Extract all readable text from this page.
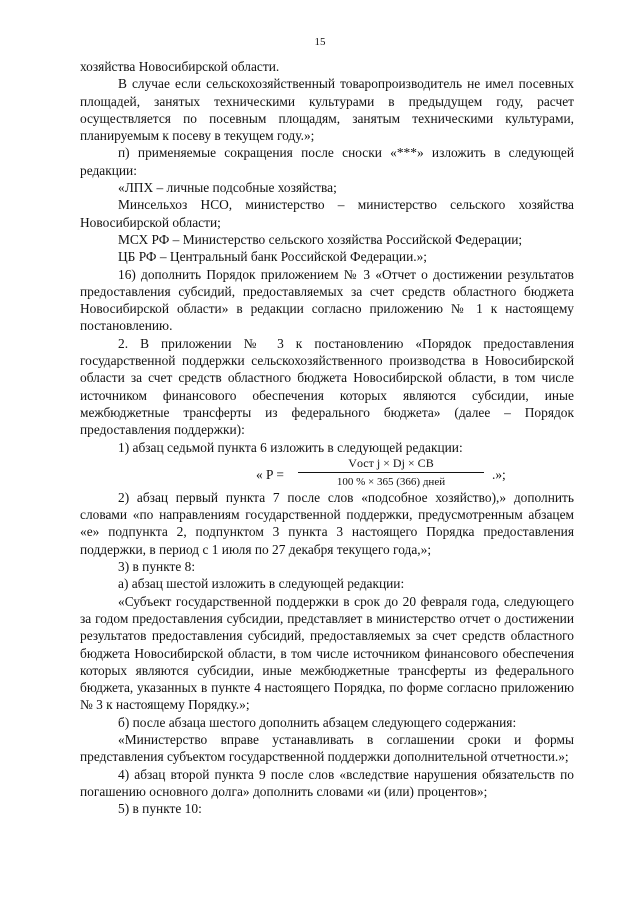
15

хозяйства Новосибирской области.

В случае если сельскохозяйственный товаропроизводитель не имел посевных площадей, занятых техническими культурами в предыдущем году, расчет осуществляется по посевным площадям, занятым техническими культурами, планируемым к посеву в текущем году.»;

п) применяемые сокращения после сноски «***» изложить в следующей редакции:

«ЛПХ – личные подсобные хозяйства;

Минсельхоз НСО, министерство – министерство сельского хозяйства Новосибирской области;

МСХ РФ – Министерство сельского хозяйства Российской Федерации;

ЦБ РФ – Центральный банк Российской Федерации.»;

16) дополнить Порядок приложением № 3 «Отчет о достижении результатов предоставления субсидий, предоставляемых за счет средств областного бюджета Новосибирской области» в редакции согласно приложению № 1 к настоящему постановлению.

2. В приложении № 3 к постановлению «Порядок предоставления государственной поддержки сельскохозяйственного производства в Новосибирской области за счет средств областного бюджета Новосибирской области, в том числе источником финансового обеспечения которых являются субсидии, иные межбюджетные трансферты из федерального бюджета» (далее – Порядок предоставления поддержки):

1) абзац седьмой пункта 6 изложить в следующей редакции:

« P =
Vост j × Dj × CB
100 % × 365 (366) дней	.»;

2) абзац первый пункта 7 после слов «подсобное хозяйство),» дополнить словами «по направлениям государственной поддержки, предусмотренным абзацем «е» подпункта 2, подпунктом 3 пункта 3 настоящего Порядка предоставления поддержки, в период с 1 июля по 27 декабря текущего года,»;

3) в пункте 8:

а) абзац шестой изложить в следующей редакции:

«Субъект государственной поддержки в срок до 20 февраля года, следующего за годом предоставления субсидии, представляет в министерство отчет о достижении результатов предоставления субсидий, предоставляемых за счет средств областного бюджета Новосибирской области, в том числе источником финансового обеспечения которых являются субсидии, иные межбюджетные трансферты из федерального бюджета, указанных в пункте 4 настоящего Порядка, по форме согласно приложению № 3 к настоящему Порядку.»;

б) после абзаца шестого дополнить абзацем следующего содержания:

«Министерство вправе устанавливать в соглашении сроки и формы представления субъектом государственной поддержки дополнительной отчетности.»;

4) абзац второй пункта 9 после слов «вследствие нарушения обязательств по погашению основного долга» дополнить словами «и (или) процентов»;

5) в пункте 10:
